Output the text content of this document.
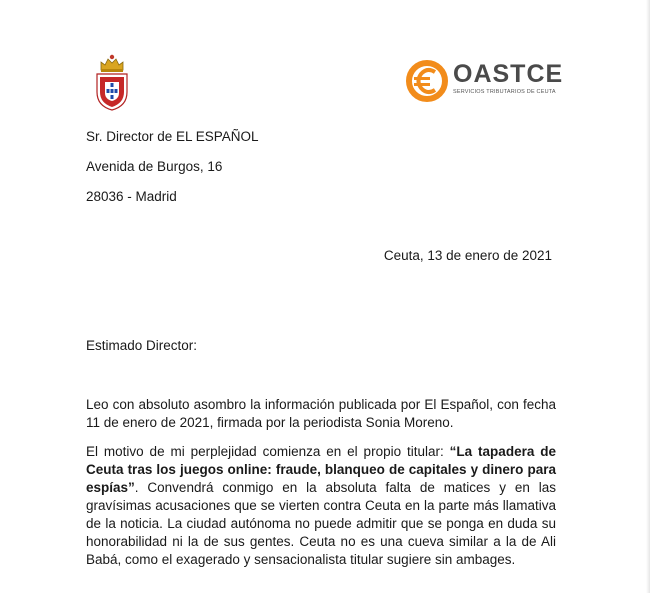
OASTCE
SERVICIOS TRIBUTARIOS DE CEUTA
Sr. Director de EL ESPAÑOL
Avenida de Burgos, 16
28036 - Madrid
Ceuta, 13 de enero de 2021
Estimado Director:
Leo con absoluto asombro la información publicada por El Español, con fecha 11 de enero de 2021, firmada por la periodista Sonia Moreno.
El motivo de mi perplejidad comienza en el propio titular: “La tapadera de Ceuta tras los juegos online: fraude, blanqueo de capitales y dinero para espías”. Convendrá conmigo en la absoluta falta de matices y en las gravísimas acusaciones que se vierten contra Ceuta en la parte más llamativa de la noticia. La ciudad autónoma no puede admitir que se ponga en duda su honorabilidad ni la de sus gentes. Ceuta no es una cueva similar a la de Ali Babá, como el exagerado y sensacionalista titular sugiere sin ambages.
